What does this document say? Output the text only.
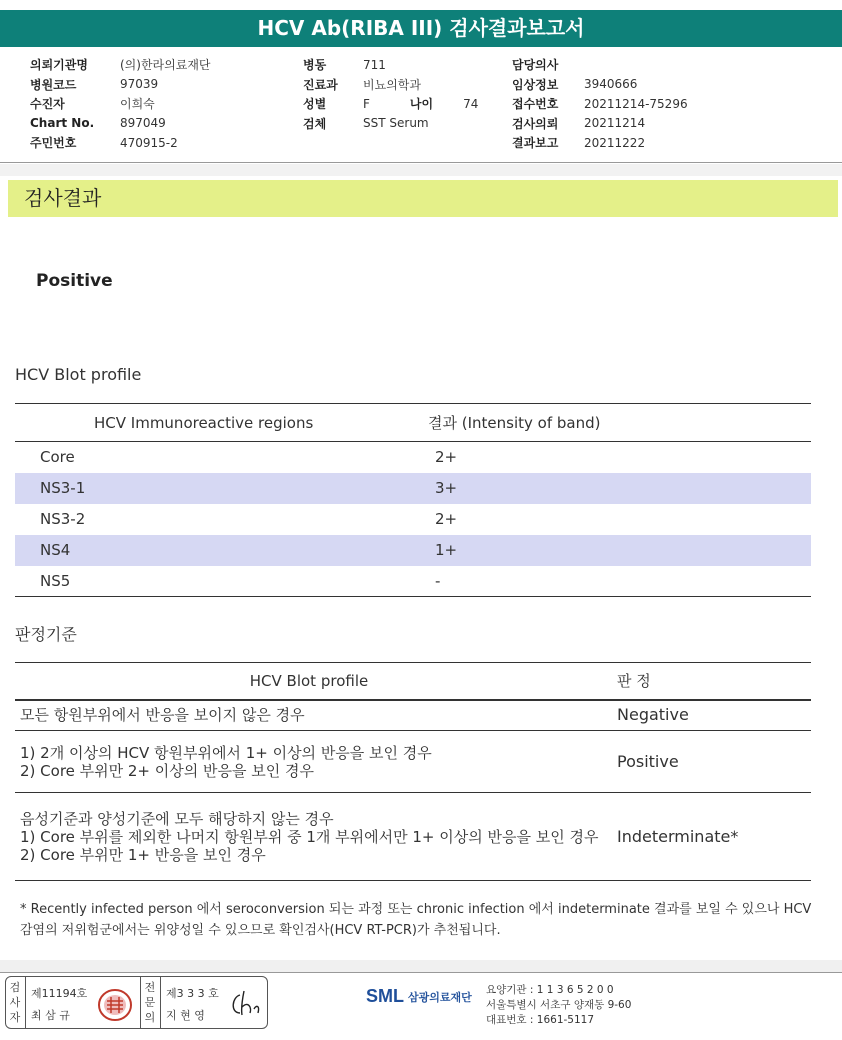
HCV Ab(RIBA III) 검사결과보고서
의뢰기관명	(의)한라의료재단
병원코드	97039
수진자	이희숙
Chart No.	897049
주민번호	470915-2
병동	711
진료과	비뇨의학과
성별	F	나이	74
검체	SST Serum
담당의사
임상정보	3940666
접수번호	20211214-75296
검사의뢰	20211214
결과보고	20211222
검사결과
Positive
HCV Blot profile
HCV Immunoreactive regions	결과 (Intensity of band)
Core	2+
NS3-1	3+
NS3-2	2+
NS4	1+
NS5	-
판정기준
HCV Blot profile	판 정

모든 항원부위에서 반응을 보이지 않은 경우	Negative

1) 2개 이상의 HCV 항원부위에서 1+ 이상의 반응을 보인 경우
2) Core 부위만 2+ 이상의 반응을 보인 경우	Positive

음성기준과 양성기준에 모두 해당하지 않는 경우
1) Core 부위를 제외한 나머지 항원부위 중 1개 부위에서만 1+ 이상의 반응을 보인 경우
2) Core 부위만 1+ 반응을 보인 경우	Indeterminate*
* Recently infected person 에서 seroconversion 되는 과정 또는 chronic infection 에서 indeterminate 결과를 보일 수 있으나 HCV 감염의 저위험군에서는 위양성일 수 있으므로 확인검사(HCV RT-PCR)가 추천됩니다.
검사자
제11194호
최 삼 규
전문의
제3 3 3 호
지 현 영
SML 삼광의료재단
요양기관 : 1 1 3 6 5 2 0 0
서울특별시 서초구 양재동 9-60
대표번호 : 1661-5117
